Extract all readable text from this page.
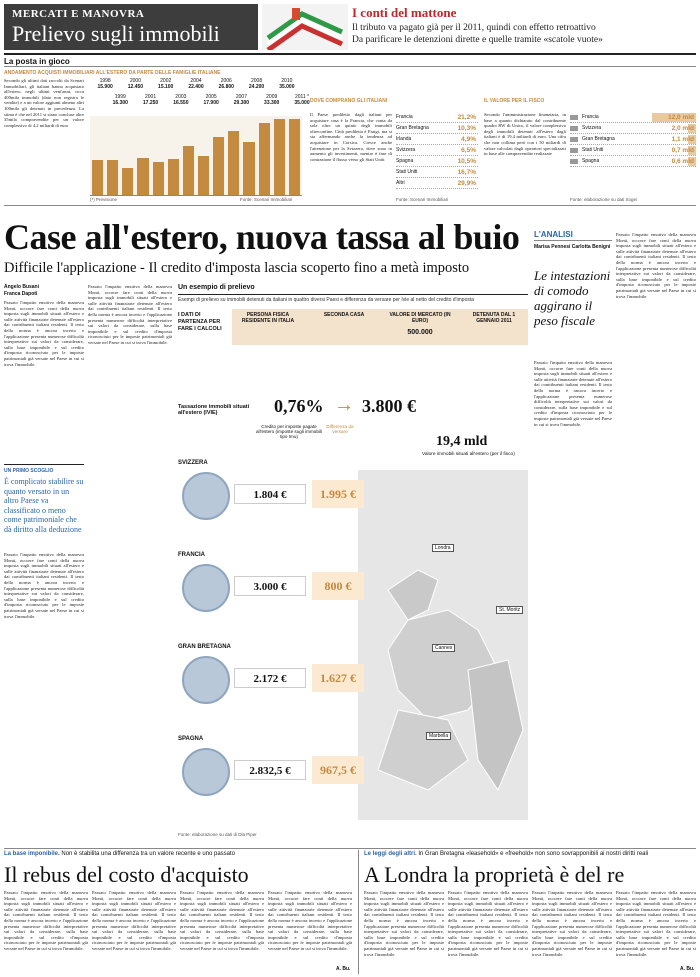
MERCATI E MANOVRA
Prelievo sugli immobili
I conti del mattone
Il tributo va pagato già per il 2011, quindi con effetto retroattivo
Da parificare le detenzioni dirette e quelle tramite «scatole vuote»
La posta in gioco
ANDAMENTO ACQUISTI IMMOBILIARI ALL'ESTERO DA PARTE DELLE FAMIGLIE ITALIANE
Secondo gli ultimi dati raccolti da Scenari Immobiliari, gli italiani hanno acquistato all'estero, negli ultimi vent'anni, circa 400mila immobili (dato non registra le vendite) e a un valore aggiunti almeno altri 100mila gli detenuti in precedenza. La stima è che nel 2011 si siano concluse altre 35mila compravendite per un valore complessivo di 4,2 miliardi di euro
1998
15.900
1999
16.300
2000
12.450
2001
17.250
2002
15.100
2003
16.550
2004
22.400
2005
17.900
2006
26.800
2007
29.300
2008
24.200
2009
33.300
2010
35.000
2011 *
35.000
(*) Previsione	Fonte: Scenari Immobiliari
DOVE COMPRANO GLI ITALIANI
Il Paese prediletto dagli italiani per acquistare casa è la Francia, che conta da sola oltre un quinto degli immobili oltreconfine. Città prediletta è Parigi, ma si sta affermando anche la tendenza ad acquistare in Corsica. Cresce anche l'attenzione per la Svizzera, dove sono in aumento gli investimenti, mentre è fase di contrazione il flusso verso gli Stati Uniti
Francia	21,2%
Gran Bretagna	10,3%
Irlanda	4,9%
Svizzera	6,5%
Spagna	10,5%
Stati Uniti	16,7%
Altri	29,9%
Fonte: Scenari Immobiliari
IL VALORE PER IL FISCO
Secondo l'amministrazione finanziaria, in base a quanto dichiarato dal contribuente quadro RW di Unico, il valore complessivo degli immobili detenuti all'estero dagli italiani è di 19,4 miliardi di euro. Una cifra che non collima però con i 50 miliardi di valore calcolati dagli operatori specializzati in base alle compravendite realizzate
Francia	12,0 mld
Svizzera	2,0 mld
Gran Bretagna	1,1 mld
Stati Uniti	0,7 mld
Spagna	0,6 mld
Fonte: elaborazione su dati Sogei
Case all'estero, nuova tassa al buio
Difficile l'applicazione - Il credito d'imposta lascia scoperto fino a metà imposto
Angelo Busani
Franca Dapoti
Passato l'impatto emotivo della manovra Monti, occorre fare conti della nuova imposta sugli immobili situati all'estero e sulle attività finanziarie detenute all'estero dai contribuenti italiani residenti. Il testo della norma è ancora incerto e l'applicazione presenta numerose difficoltà interpretative sui valori da considerare, sulla base imponibile e sul credito d'imposta riconosciuto per le imposte patrimoniali già versate nel Paese in cui si trova l'immobile.
UN PRIMO SCOGLIO
È complicato stabilire su quanto versato in un altro Paese va classificato o meno come patrimoniale che dà diritto alla deduzione
Passato l'impatto emotivo della manovra Monti, occorre fare conti della nuova imposta sugli immobili situati all'estero e sulle attività finanziarie detenute all'estero dai contribuenti italiani residenti. Il testo della norma è ancora incerto e l'applicazione presenta numerose difficoltà interpretative sui valori da considerare, sulla base imponibile e sul credito d'imposta riconosciuto per le imposte patrimoniali già versate nel Paese in cui si trova l'immobile.
Passato l'impatto emotivo della manovra Monti, occorre fare conti della nuova imposta sugli immobili situati all'estero e sulle attività finanziarie detenute all'estero dai contribuenti italiani residenti. Il testo della norma è ancora incerto e l'applicazione presenta numerose difficoltà interpretative sui valori da considerare, sulla base imponibile e sul credito d'imposta riconosciuto per le imposte patrimoniali già versate nel Paese in cui si trova l'immobile.
Un esempio di prelievo
Esempi di prelievo su immobili detenuti da italiani in quattro diversi Paesi e differenza da versare per Ivie al netto del credito d'imposta
I DATI DI PARTENZA PER FARE I CALCOLI
PERSONA FISICA RESIDENTE IN ITALIA
SECONDA CASA	VALORE DI MERCATO (IN EURO)
500.000
DETENUTA DAL 1 GENNAIO 2011
Tassazione immobili situati all'estero (IVIE)	0,76% → 3.800 €
Credito per imposte pagate all'estero (imposte sugli immobili tipo Imu)
Differenza da versare
19,4 mld
Valore immobili situati all'estero (per il fisco)
Londra
Cannes
St. Moritz
Marbella
SVIZZERA
1.804 €	1.995 €
FRANCIA
3.000 €	800 €
GRAN BRETAGNA
2.172 €	1.627 €
SPAGNA
2.832,5 €	967,5 €
Fonte: elaborazione su dati di Dla Piper
L'ANALISI
Marisa Pennesi Carlotta Benigni
Le intestazioni di comodo aggirano il peso fiscale
Passato l'impatto emotivo della manovra Monti, occorre fare conti della nuova imposta sugli immobili situati all'estero e sulle attività finanziarie detenute all'estero dai contribuenti italiani residenti. Il testo della norma è ancora incerto e l'applicazione presenta numerose difficoltà interpretative sui valori da considerare, sulla base imponibile e sul credito d'imposta riconosciuto per le imposte patrimoniali già versate nel Paese in cui si trova l'immobile.
Passato l'impatto emotivo della manovra Monti, occorre fare conti della nuova imposta sugli immobili situati all'estero e sulle attività finanziarie detenute all'estero dai contribuenti italiani residenti. Il testo della norma è ancora incerto e l'applicazione presenta numerose difficoltà interpretative sui valori da considerare, sulla base imponibile e sul credito d'imposta riconosciuto per le imposte patrimoniali già versate nel Paese in cui si trova l'immobile.
La base imponibile. Non è stabilita una differenza tra un valore recente e uno passato
Il rebus del costo d'acquisto
Passato l'impatto emotivo della manovra Monti, occorre fare conti della nuova imposta sugli immobili situati all'estero e sulle attività finanziarie detenute all'estero dai contribuenti italiani residenti. Il testo della norma è ancora incerto e l'applicazione presenta numerose difficoltà interpretative sui valori da considerare, sulla base imponibile e sul credito d'imposta riconosciuto per le imposte patrimoniali già versate nel Paese in cui si trova l'immobile.
Passato l'impatto emotivo della manovra Monti, occorre fare conti della nuova imposta sugli immobili situati all'estero e sulle attività finanziarie detenute all'estero dai contribuenti italiani residenti. Il testo della norma è ancora incerto e l'applicazione presenta numerose difficoltà interpretative sui valori da considerare, sulla base imponibile e sul credito d'imposta riconosciuto per le imposte patrimoniali già versate nel Paese in cui si trova l'immobile.
Passato l'impatto emotivo della manovra Monti, occorre fare conti della nuova imposta sugli immobili situati all'estero e sulle attività finanziarie detenute all'estero dai contribuenti italiani residenti. Il testo della norma è ancora incerto e l'applicazione presenta numerose difficoltà interpretative sui valori da considerare, sulla base imponibile e sul credito d'imposta riconosciuto per le imposte patrimoniali già versate nel Paese in cui si trova l'immobile.
Passato l'impatto emotivo della manovra Monti, occorre fare conti della nuova imposta sugli immobili situati all'estero e sulle attività finanziarie detenute all'estero dai contribuenti italiani residenti. Il testo della norma è ancora incerto e l'applicazione presenta numerose difficoltà interpretative sui valori da considerare, sulla base imponibile e sul credito d'imposta riconosciuto per le imposte patrimoniali già versate nel Paese in cui si trova l'immobile.
A. Bu.
Le leggi degli altri. In Gran Bretagna «leasehold» e «freehold» non sono sovrapponibili ai nostri diritti reali
A Londra la proprietà è del re
Passato l'impatto emotivo della manovra Monti, occorre fare conti della nuova imposta sugli immobili situati all'estero e sulle attività finanziarie detenute all'estero dai contribuenti italiani residenti. Il testo della norma è ancora incerto e l'applicazione presenta numerose difficoltà interpretative sui valori da considerare, sulla base imponibile e sul credito d'imposta riconosciuto per le imposte patrimoniali già versate nel Paese in cui si trova l'immobile.
Passato l'impatto emotivo della manovra Monti, occorre fare conti della nuova imposta sugli immobili situati all'estero e sulle attività finanziarie detenute all'estero dai contribuenti italiani residenti. Il testo della norma è ancora incerto e l'applicazione presenta numerose difficoltà interpretative sui valori da considerare, sulla base imponibile e sul credito d'imposta riconosciuto per le imposte patrimoniali già versate nel Paese in cui si trova l'immobile.
Passato l'impatto emotivo della manovra Monti, occorre fare conti della nuova imposta sugli immobili situati all'estero e sulle attività finanziarie detenute all'estero dai contribuenti italiani residenti. Il testo della norma è ancora incerto e l'applicazione presenta numerose difficoltà interpretative sui valori da considerare, sulla base imponibile e sul credito d'imposta riconosciuto per le imposte patrimoniali già versate nel Paese in cui si trova l'immobile.
Passato l'impatto emotivo della manovra Monti, occorre fare conti della nuova imposta sugli immobili situati all'estero e sulle attività finanziarie detenute all'estero dai contribuenti italiani residenti. Il testo della norma è ancora incerto e l'applicazione presenta numerose difficoltà interpretative sui valori da considerare, sulla base imponibile e sul credito d'imposta riconosciuto per le imposte patrimoniali già versate nel Paese in cui si trova l'immobile.
A. Bu.
